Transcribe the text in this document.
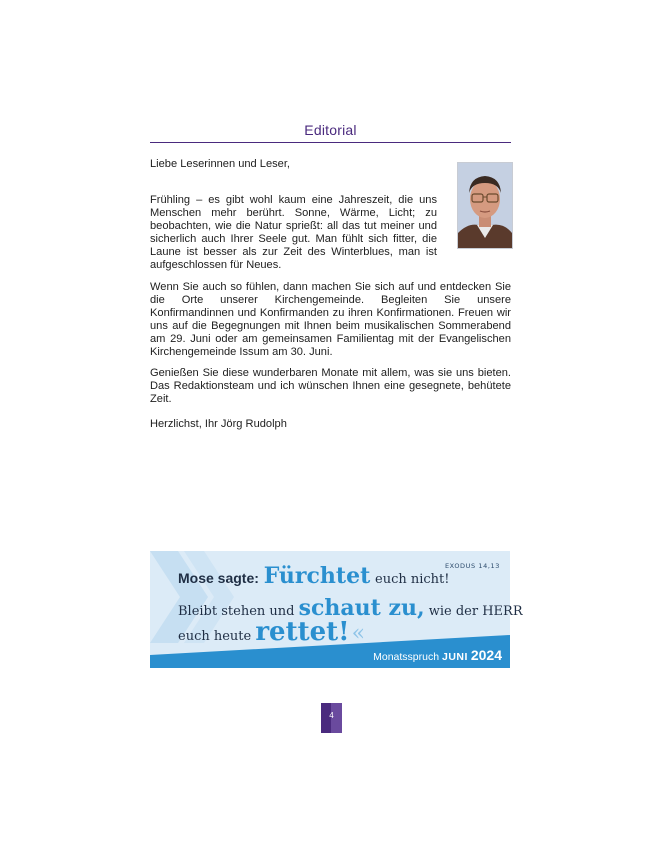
Editorial
Liebe Leserinnen und Leser,
Frühling – es gibt wohl kaum eine Jahreszeit, die uns Menschen mehr berührt. Sonne, Wärme, Licht; zu beobachten, wie die Natur sprießt: all das tut meiner und sicherlich auch Ihrer Seele gut. Man fühlt sich fitter, die Laune ist besser als zur Zeit des Winterblues, man ist aufgeschlossen für Neues.
Wenn Sie auch so fühlen, dann machen Sie sich auf und entdecken Sie die Orte unserer Kirchengemeinde. Begleiten Sie unsere Konfirmandinnen und Konfirmanden zu ihren Konfirmationen. Freuen wir uns auf die Begegnungen mit Ihnen beim musikalischen Sommerabend am 29. Juni oder am gemeinsamen Familientag mit der Evangelischen Kirchengemeinde Issum am 30. Juni.
Genießen Sie diese wunderbaren Monate mit allem, was sie uns bieten. Das Redaktionsteam und ich wünschen Ihnen eine gesegnete, behütete Zeit.
Herzlichst, Ihr Jörg Rudolph
EXODUS 14,13
Mose sagte: Fürchtet euch nicht!
Bleibt stehen und schaut zu, wie der HERR
euch heute rettet!«
Monatsspruch JUNI 2024
4
